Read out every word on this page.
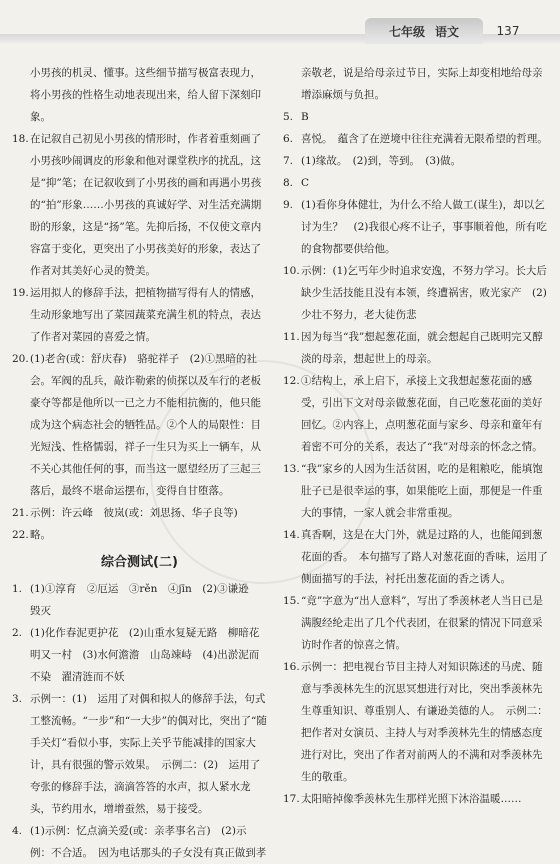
七年级 语文	137

小男孩的机灵、懂事。这些细节描写极富表现力，将小男孩的性格生动地表现出来，给人留下深刻印象。

18. 在记叙自己初见小男孩的情形时，作者着重刻画了小男孩吵闹调皮的形象和他对课堂秩序的扰乱，这是“抑”笔；在记叙收到了小男孩的画和再遇小男孩的“拍”形象……小男孩的真诚好学、对生活充满期盼的形象，这是“扬”笔。先抑后扬，不仅使文章内容富于变化，更突出了小男孩美好的形象，表达了作者对其美好心灵的赞美。

19. 运用拟人的修辞手法，把植物描写得有人的情感，生动形象地写出了菜园蔬菜充满生机的特点，表达了作者对菜园的喜爱之情。

20. (1)老舍(或：舒庆春)　骆驼祥子　(2)①黑暗的社会。军阀的乱兵，敲诈勒索的侦探以及车行的老板豪夺等都是他所以一已之力不能相抗衡的，他只能成为这个病态社会的牺牲品。②个人的局限性：目光短浅、性格懦弱，祥子一生只为买上一辆车，从不关心其他任何的事，而当这一愿望经历了三起三落后，最终不堪命运摆布，变得自甘堕落。

21. 示例：许云峰　彼岚(或：刘思扬、华子良等)

22. 略。

综合测试(二)

1. (1)①淳育　②厄运　③rěn　④jīn　(2)③谦逊　毁灭

2. (1)化作春泥更护花　(2)山重水复疑无路　柳暗花明又一村　(3)水何澹澹　山岛竦峙　(4)出淤泥而不染　濯清涟而不妖

3. 示例一：(1)　运用了对偶和拟人的修辞手法，句式工整流畅。“一步”和“一大步”的偶对比，突出了“随手关灯”看似小事，实际上关乎节能减排的国家大计，具有很强的警示效果。　示例二：(2)　运用了夸张的修辞手法，滴滴答答的水声，拟人紧水龙头，节约用水，增增蚕然，易于接受。

4. (1)示例：忆点滴关爱(或：亲孝事名言)　(2)示例：不合适。　因为电话那头的子女没有真正做到孝

亲敬老，说是给母亲过节日，实际上却变相地给母亲增添麻烦与负担。

5. B

6. 喜悦。　蕴含了在逆境中往往充满着无限希望的哲理。

7. (1)缘故。　(2)到，等到。　(3)做。

8. C

9. (1)看你身体健壮，为什么不给人做工(谋生)，却以乞讨为生？　(2)我很心疼不让子，事事顺着他，所有吃的食物都要供给他。

10. 示例：(1)乞丐年少时追求安逸，不努力学习。长大后缺少生活技能且没有本领，终遭祸害，败光家产　(2)少壮不努力，老大徒伤悲

11. 因为每当“我”想起葱花面，就会想起自己既明完又醇淡的母亲，想起世上的母亲。

12. ①结构上，承上启下，承接上文我想起葱花面的感受，引出下文对母亲做葱花面，自己吃葱花面的美好回忆。②内容上，点明葱花面与家乡、母亲和童年有着密不可分的关系，表达了“我”对母亲的怀念之情。

13. “我”家乡的人因为生活贫困，吃的是粗粮吃，能填饱肚子已是很幸运的事，如果能吃上面，那便是一件重大的事情，一家人就会非常重视。

14. 真香啊，这是在大门外，就是过路的人，也能闻到葱花面的香。　本句描写了路人对葱花面的香味，运用了侧面描写的手法，衬托出葱花面的香之诱人。

15. “竟”字意为“出人意料”，写出了季羡林老人当日已是满腹经纶走出了几个代表团，在很紧的情况下同意采访时作者的惊喜之情。

16. 示例一：把电视台节目主持人对知识陈述的马虎、随意与季羡林先生的沉思冥想进行对比，突出季羡林先生尊重知识、尊重别人、有谦逊美德的人。　示例二：把作者对女演员、主持人与对季羡林先生的情感态度进行对比，突出了作者对前两人的不满和对季羡林先生的敬重。

17. 太阳暗掉像季羡林先生那样光照下沐浴温暖……
